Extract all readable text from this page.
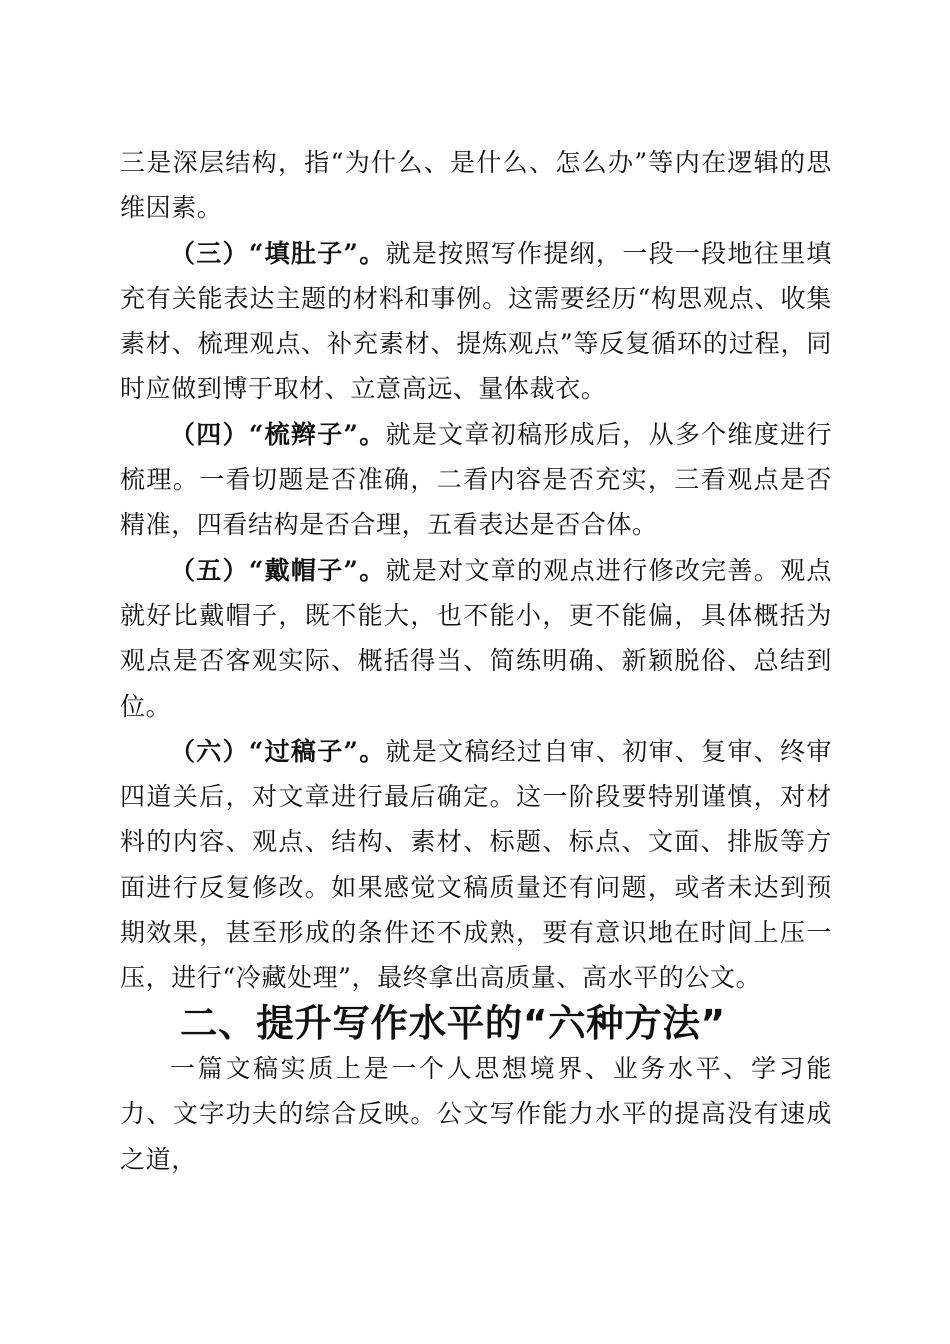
三是深层结构，指“为什么、是什么、怎么办”等内在逻辑的思维因素。

（三）“填肚子”。就是按照写作提纲，一段一段地往里填充有关能表达主题的材料和事例。这需要经历“构思观点、收集素材、梳理观点、补充素材、提炼观点”等反复循环的过程，同时应做到博于取材、立意高远、量体裁衣。

（四）“梳辫子”。就是文章初稿形成后，从多个维度进行梳理。一看切题是否准确，二看内容是否充实，三看观点是否精准，四看结构是否合理，五看表达是否合体。

（五）“戴帽子”。就是对文章的观点进行修改完善。观点就好比戴帽子，既不能大，也不能小，更不能偏，具体概括为观点是否客观实际、概括得当、简练明确、新颖脱俗、总结到位。

（六）“过稿子”。就是文稿经过自审、初审、复审、终审四道关后，对文章进行最后确定。这一阶段要特别谨慎，对材料的内容、观点、结构、素材、标题、标点、文面、排版等方面进行反复修改。如果感觉文稿质量还有问题，或者未达到预期效果，甚至形成的条件还不成熟，要有意识地在时间上压一压，进行“冷藏处理”，最终拿出高质量、高水平的公文。

二、提升写作水平的“六种方法”

一篇文稿实质上是一个人思想境界、业务水平、学习能力、文字功夫的综合反映。公文写作能力水平的提高没有速成之道，
